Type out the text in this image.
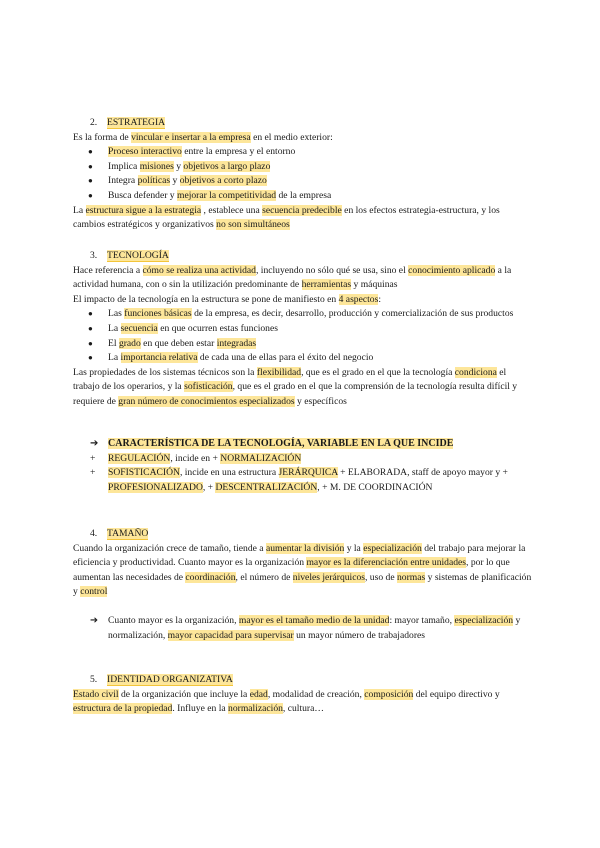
2. ESTRATEGIA

Es la forma de vincular e insertar a la empresa en el medio exterior:

● Proceso interactivo entre la empresa y el entorno
● Implica misiones y objetivos a largo plazo
● Integra políticas y objetivos a corto plazo
● Busca defender y mejorar la competitividad de la empresa

La estructura sigue a la estrategia , establece una secuencia predecible en los efectos estrategia-estructura, y los cambios estratégicos y organizativos no son simultáneos

3. TECNOLOGÍA

Hace referencia a cómo se realiza una actividad, incluyendo no sólo qué se usa, sino el conocimiento aplicado a la actividad humana, con o sin la utilización predominante de herramientas y máquinas

El impacto de la tecnología en la estructura se pone de manifiesto en 4 aspectos:

● Las funciones básicas de la empresa, es decir, desarrollo, producción y comercialización de sus productos
● La secuencia en que ocurren estas funciones
● El grado en que deben estar integradas
● La importancia relativa de cada una de ellas para el éxito del negocio

Las propiedades de los sistemas técnicos son la flexibilidad, que es el grado en el que la tecnología condiciona el trabajo de los operarios, y la sofisticación, que es el grado en el que la comprensión de la tecnología resulta difícil y requiere de gran número de conocimientos especializados y específicos

➔ CARACTERÍSTICA DE LA TECNOLOGÍA, VARIABLE EN LA QUE INCIDE

+ REGULACIÓN, incide en + NORMALIZACIÓN

+ SOFISTICACIÓN, incide en una estructura JERÁRQUICA + ELABORADA, staff de apoyo mayor y + PROFESIONALIZADO, + DESCENTRALIZACIÓN, + M. DE COORDINACIÓN

4. TAMAÑO

Cuando la organización crece de tamaño, tiende a aumentar la división y la especialización del trabajo para mejorar la eficiencia y productividad. Cuanto mayor es la organización mayor es la diferenciación entre unidades, por lo que aumentan las necesidades de coordinación, el número de niveles jerárquicos, uso de normas y sistemas de planificación y control

➔	Cuanto mayor es la organización, mayor es el tamaño medio de la unidad: mayor tamaño, especialización y normalización, mayor capacidad para supervisar un mayor número de trabajadores

5. IDENTIDAD ORGANIZATIVA

Estado civil de la organización que incluye la edad, modalidad de creación, composición del equipo directivo y estructura de la propiedad. Influye en la normalización, cultura…
